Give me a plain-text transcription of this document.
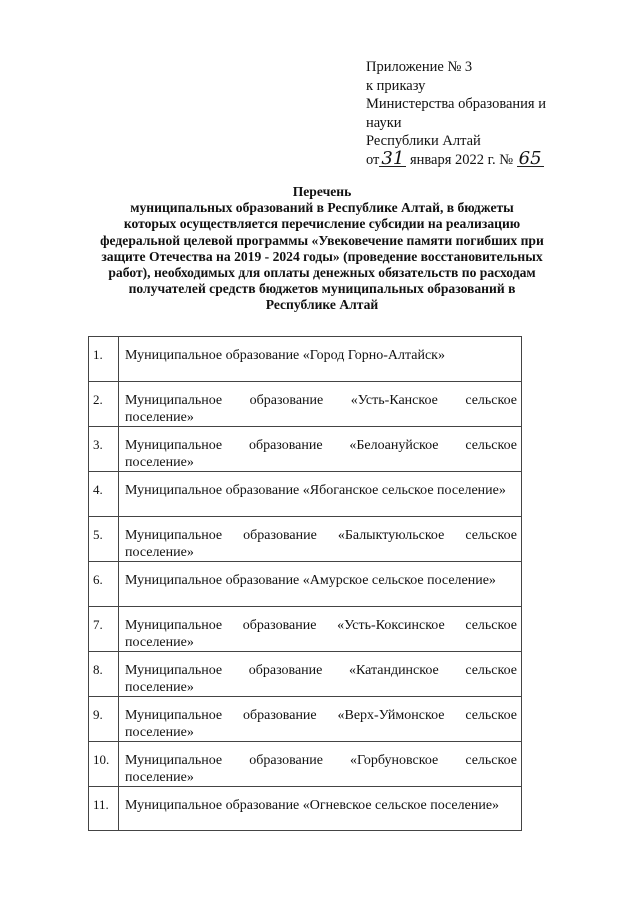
Приложение № 3
к приказу
Министерства образования и
науки
Республики Алтай
от 31 января 2022 г. № 65
Перечень
муниципальных образований в Республике Алтай, в бюджеты
которых осуществляется перечисление субсидии на реализацию
федеральной целевой программы «Увековечение памяти погибших при
защите Отечества на 2019 - 2024 годы» (проведение восстановительных
работ), необходимых для оплаты денежных обязательств по расходам
получателей средств бюджетов муниципальных образований в
Республике Алтай
1.	Муниципальное образование «Город Горно-Алтайск»
2.	Муниципальное образование «Усть-Канское сельское поселение»
3.	Муниципальное образование «Белоануйское сельское поселение»
4.	Муниципальное образование «Ябоганское сельское поселение»
5.	Муниципальное образование «Балыктуюльское сельское поселение»
6.	Муниципальное образование «Амурское сельское поселение»
7.	Муниципальное образование «Усть-Коксинское сельское поселение»
8.	Муниципальное образование «Катандинское сельское поселение»
9.	Муниципальное образование «Верх-Уймонское сельское поселение»
10.	Муниципальное образование «Горбуновское сельское поселение»
11.	Муниципальное образование «Огневское сельское поселение»
